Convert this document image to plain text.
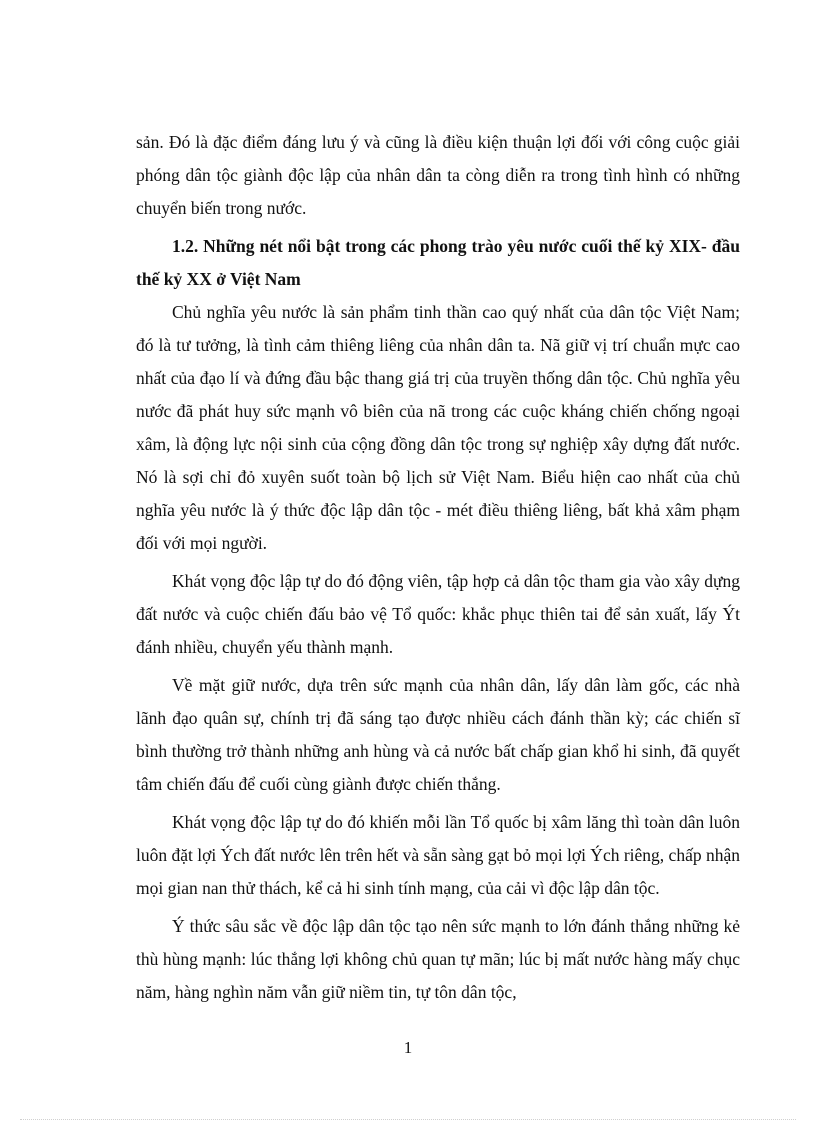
sản. Đó là đặc điểm đáng lưu ý và cũng là điều kiện thuận lợi đối với công cuộc giải phóng dân tộc giành độc lập của nhân dân ta còng diễn ra trong tình hình có những chuyển biến trong nước.

1.2. Những nét nổi bật trong các phong trào yêu nước cuối thế kỷ XIX- đầu thế kỷ XX ở Việt Nam

Chủ nghĩa yêu nước là sản phẩm tinh thần cao quý nhất của dân tộc Việt Nam; đó là tư tưởng, là tình cảm thiêng liêng của nhân dân ta. Nã giữ vị trí chuẩn mực cao nhất của đạo lí và đứng đầu bậc thang giá trị của truyền thống dân tộc. Chủ nghĩa yêu nước đã phát huy sức mạnh vô biên của nã trong các cuộc kháng chiến chống ngoại xâm, là động lực nội sinh của cộng đồng dân tộc trong sự nghiệp xây dựng đất nước. Nó là sợi chỉ đỏ xuyên suốt toàn bộ lịch sử Việt Nam. Biểu hiện cao nhất của chủ nghĩa yêu nước là ý thức độc lập dân tộc - mét điều thiêng liêng, bất khả xâm phạm đối với mọi người.

Khát vọng độc lập tự do đó động viên, tập hợp cả dân tộc tham gia vào xây dựng đất nước và cuộc chiến đấu bảo vệ Tổ quốc: khắc phục thiên tai để sản xuất, lấy Ýt đánh nhiều, chuyển yếu thành mạnh.

Về mặt giữ nước, dựa trên sức mạnh của nhân dân, lấy dân làm gốc, các nhà lãnh đạo quân sự, chính trị đã sáng tạo được nhiều cách đánh thần kỳ; các chiến sĩ bình thường trở thành những anh hùng và cả nước bất chấp gian khổ hi sinh, đã quyết tâm chiến đấu để cuối cùng giành được chiến thắng.

Khát vọng độc lập tự do đó khiến mỗi lần Tổ quốc bị xâm lăng thì toàn dân luôn luôn đặt lợi Ých đất nước lên trên hết và sẵn sàng gạt bỏ mọi lợi Ých riêng, chấp nhận mọi gian nan thử thách, kể cả hi sinh tính mạng, của cải vì độc lập dân tộc.

Ý thức sâu sắc về độc lập dân tộc tạo nên sức mạnh to lớn đánh thắng những kẻ thù hùng mạnh: lúc thắng lợi không chủ quan tự mãn; lúc bị mất nước hàng mấy chục năm, hàng nghìn năm vẫn giữ niềm tin, tự tôn dân tộc,

1
